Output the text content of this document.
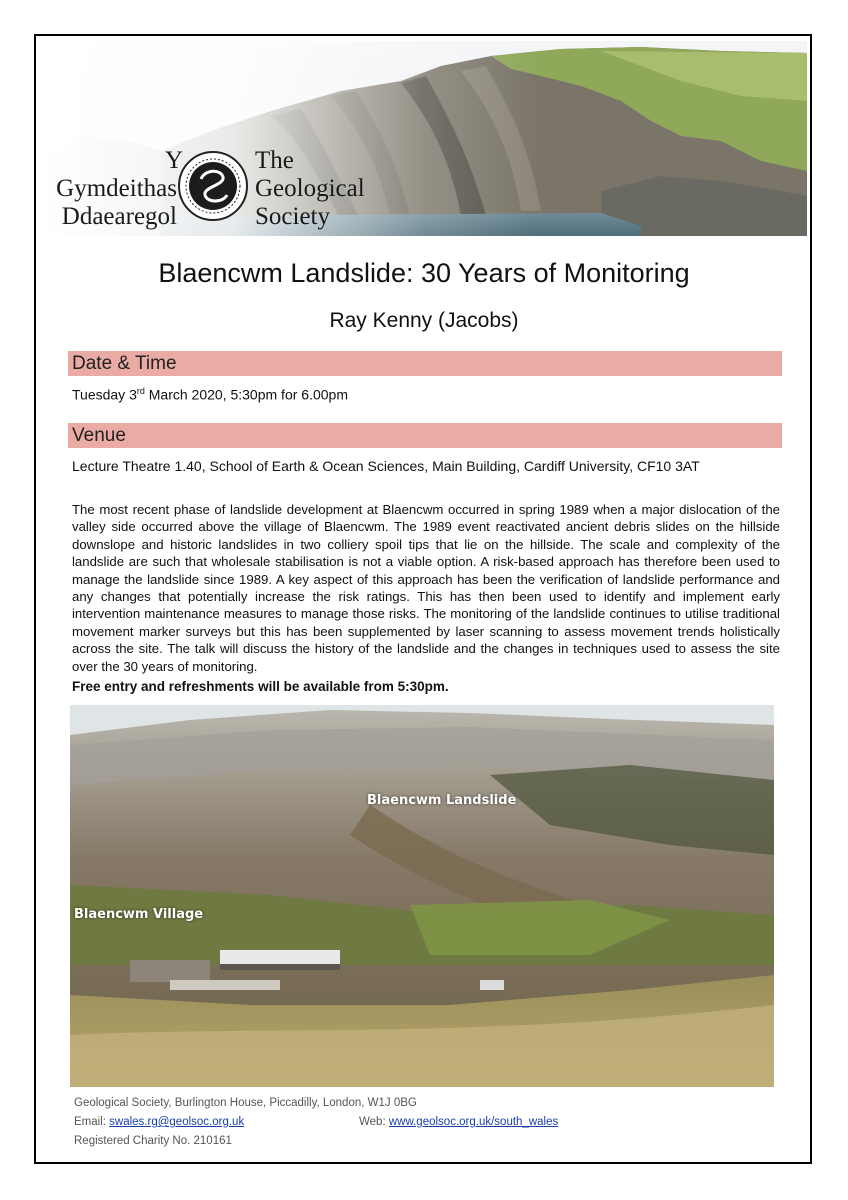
Y
Gymdeithas
Ddaearegol
The
Geological
Society
Blaencwm Landslide: 30 Years of Monitoring
Ray Kenny (Jacobs)
Date & Time
Tuesday 3rd March 2020, 5:30pm for 6.00pm
Venue
Lecture Theatre 1.40, School of Earth & Ocean Sciences, Main Building, Cardiff University, CF10 3AT

The most recent phase of landslide development at Blaencwm occurred in spring 1989 when a major dislocation of the valley side occurred above the village of Blaencwm. The 1989 event reactivated ancient debris slides on the hillside downslope and historic landslides in two colliery spoil tips that lie on the hillside. The scale and complexity of the landslide are such that wholesale stabilisation is not a viable option. A risk-based approach has therefore been used to manage the landslide since 1989. A key aspect of this approach has been the verification of landslide performance and any changes that potentially increase the risk ratings. This has then been used to identify and implement early intervention maintenance measures to manage those risks. The monitoring of the landslide continues to utilise traditional movement marker surveys but this has been supplemented by laser scanning to assess movement trends holistically across the site. The talk will discuss the history of the landslide and the changes in techniques used to assess the site over the 30 years of monitoring.

Free entry and refreshments will be available from 5:30pm.
Blaencwm Landslide
Blaencwm Village
Geological Society, Burlington House, Piccadilly, London, W1J 0BG
Email: swales.rg@geolsoc.org.uk	Web: www.geolsoc.org.uk/south_wales
Registered Charity No. 210161
